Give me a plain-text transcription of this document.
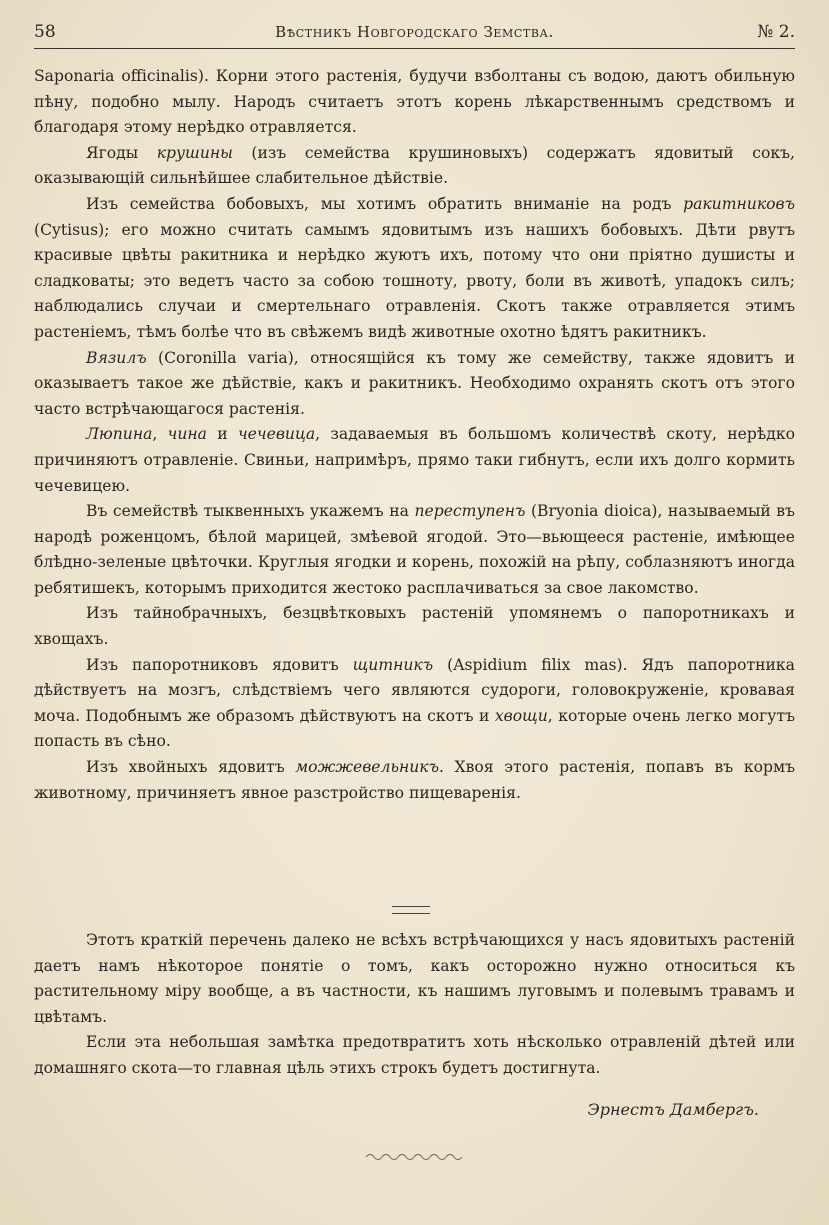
58	Вѣстникъ Новгородскаго Земства.	№ 2.

Saponaria officinalis). Корни этого растенія, будучи взболтаны съ водою, даютъ обильную пѣну, подобно мылу. Народъ считаетъ этотъ корень лѣкарственнымъ средствомъ и благодаря этому нерѣдко отравляется.

Ягоды крушины (изъ семейства крушиновыхъ) содержатъ ядовитый сокъ, оказывающій сильнѣйшее слабительное дѣйствіе.

Изъ семейства бобовыхъ, мы хотимъ обратить вниманіе на родъ ракитниковъ (Cytisus); его можно считать самымъ ядовитымъ изъ нашихъ бобовыхъ. Дѣти рвутъ красивые цвѣты ракитника и нерѣдко жуютъ ихъ, потому что они пріятно душисты и сладковаты; это ведетъ часто за собою тошноту, рвоту, боли въ животѣ, упадокъ силъ; наблюдались случаи и смертельнаго отравленія. Скотъ также отравляется этимъ растеніемъ, тѣмъ болѣе что въ свѣжемъ видѣ животные охотно ѣдятъ ракитникъ.

Вязилъ (Coronilla varia), относящійся къ тому же семейству, также ядовитъ и оказываетъ такое же дѣйствіе, какъ и ракитникъ. Необходимо охранять скотъ отъ этого часто встрѣчающагося растенія.

Люпина, чина и чечевица, задаваемыя въ большомъ количествѣ скоту, нерѣдко причиняютъ отравленіе. Свиньи, напримѣръ, прямо таки гибнутъ, если ихъ долго кормить чечевицею.

Въ семействѣ тыквенныхъ укажемъ на переступенъ (Bryonia dioica), называемый въ народѣ роженцомъ, бѣлой марицей, змѣевой ягодой. Это—вьющееся растеніе, имѣющее блѣдно-зеленые цвѣточки. Круглыя ягодки и корень, похожій на рѣпу, соблазняютъ иногда ребятишекъ, которымъ приходится жестоко расплачиваться за свое лакомство.

Изъ тайнобрачныхъ, безцвѣтковыхъ растеній упомянемъ о папоротникахъ и хвощахъ.

Изъ папоротниковъ ядовитъ щитникъ (Aspidium filix mas). Ядъ папоротника дѣйствуетъ на мозгъ, слѣдствіемъ чего являются судороги, головокруженіе, кровавая моча. Подобнымъ же образомъ дѣйствуютъ на скотъ и хвощи, которые очень легко могутъ попасть въ сѣно.

Изъ хвойныхъ ядовитъ можжевельникъ. Хвоя этого растенія, попавъ въ кормъ животному, причиняетъ явное разстройство пищеваренія.

Этотъ краткій перечень далеко не всѣхъ встрѣчающихся у насъ ядовитыхъ растеній даетъ намъ нѣкоторое понятіе о томъ, какъ осторожно нужно относиться къ растительному міру вообще, а въ частности, къ нашимъ луговымъ и полевымъ травамъ и цвѣтамъ.

Если эта небольшая замѣтка предотвратитъ хоть нѣсколько отравленій дѣтей или домашняго скота—то главная цѣль этихъ строкъ будетъ достигнута.

Эрнестъ Дамбергъ.
